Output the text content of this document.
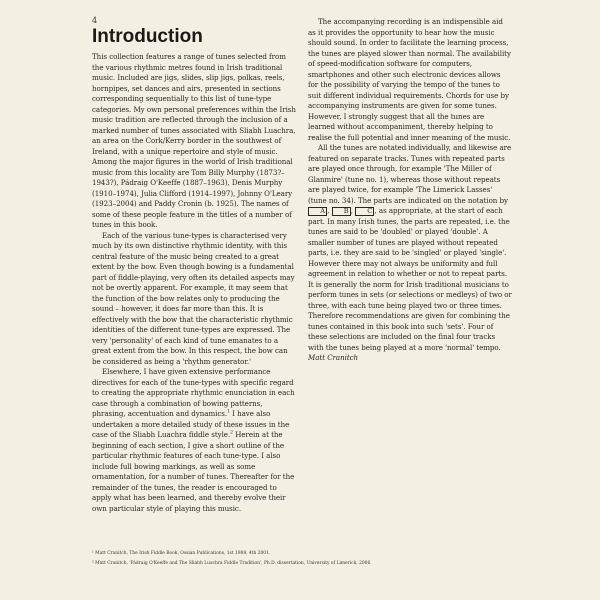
4
Introduction

This collection features a range of tunes selected from the various rhythmic metres found in Irish traditional music. Included are jigs, slides, slip jigs, polkas, reels, hornpipes, set dances and airs, presented in sections corresponding sequentially to this list of tune-type categories. My own personal preferences within the Irish music tradition are reflected through the inclusion of a marked number of tunes associated with Sliabh Luachra, an area on the Cork/Kerry border in the southwest of Ireland, with a unique repertoire and style of music. Among the major figures in the world of Irish traditional music from this locality are Tom Billy Murphy (1873?–1943?), Pádraig O'Keeffe (1887–1963), Denis Murphy (1910–1974), Julia Clifford (1914–1997), Johnny O'Leary (1923–2004) and Paddy Cronin (b. 1925). The names of some of these people feature in the titles of a number of tunes in this book.

Each of the various tune-types is characterised very much by its own distinctive rhythmic identity, with this central feature of the music being created to a great extent by the bow. Even though bowing is a fundamental part of fiddle-playing, very often its detailed aspects may not be overtly apparent. For example, it may seem that the function of the bow relates only to producing the sound – however, it does far more than this. It is effectively with the bow that the characteristic rhythmic identities of the different tune-types are expressed. The very 'personality' of each kind of tune emanates to a great extent from the bow. In this respect, the bow can be considered as being a 'rhythm generator.'

Elsewhere, I have given extensive performance directives for each of the tune-types with specific regard to creating the appropriate rhythmic enunciation in each case through a combination of bowing patterns, phrasing, accentuation and dynamics.$^1$ I have also undertaken a more detailed study of these issues in the case of the Sliabh Luachra fiddle style.$^2$ Herein at the beginning of each section, I give a short outline of the particular rhythmic features of each tune-type. I also include full bowing markings, as well as some ornamentation, for a number of tunes. Thereafter for the remainder of the tunes, the reader is encouraged to apply what has been learned, and thereby evolve their own particular style of playing this music.

The accompanying recording is an indispensible aid as it provides the opportunity to hear how the music should sound. In order to facilitate the learning process, the tunes are played slower than normal. The availability of speed-modification software for computers, smartphones and other such electronic devices allows for the possibility of varying the tempo of the tunes to suit different individual requirements. Chords for use by accompanying instruments are given for some tunes. However, I strongly suggest that all the tunes are learned without accompaniment, thereby helping to realise the full potential and inner meaning of the music.

All the tunes are notated individually, and likewise are featured on separate tracks. Tunes with repeated parts are played once through, for example 'The Miller of Glanmire' (tune no. 1), whereas those without repeats are played twice, for example 'The Limerick Lasses' (tune no. 34). The parts are indicated on the notation by A , B , C , as appropriate, at the start of each part. In many Irish tunes, the parts are repeated, i.e. the tunes are said to be 'doubled' or played 'double'. A smaller number of tunes are played without repeated parts, i.e. they are said to be 'singled' or played 'single'. However there may not always be uniformity and full agreement in relation to whether or not to repeat parts. It is generally the norm for Irish traditional musicians to perform tunes in sets (or selections or medleys) of two or three, with each tune being played two or three times. Therefore recommendations are given for combining the tunes contained in this book into such 'sets'. Four of these selections are included on the final four tracks with the tunes being played at a more 'normal' tempo.

Matt Cranitch

¹ Matt Cranitch, The Irish Fiddle Book, Ossian Publications, 1st 1988, 4th 2001.
² Matt Cranitch, 'Pádraig O'Keeffe and The Sliabh Luachra Fiddle Tradition', Ph.D. dissertation, University of Limerick, 2006.
